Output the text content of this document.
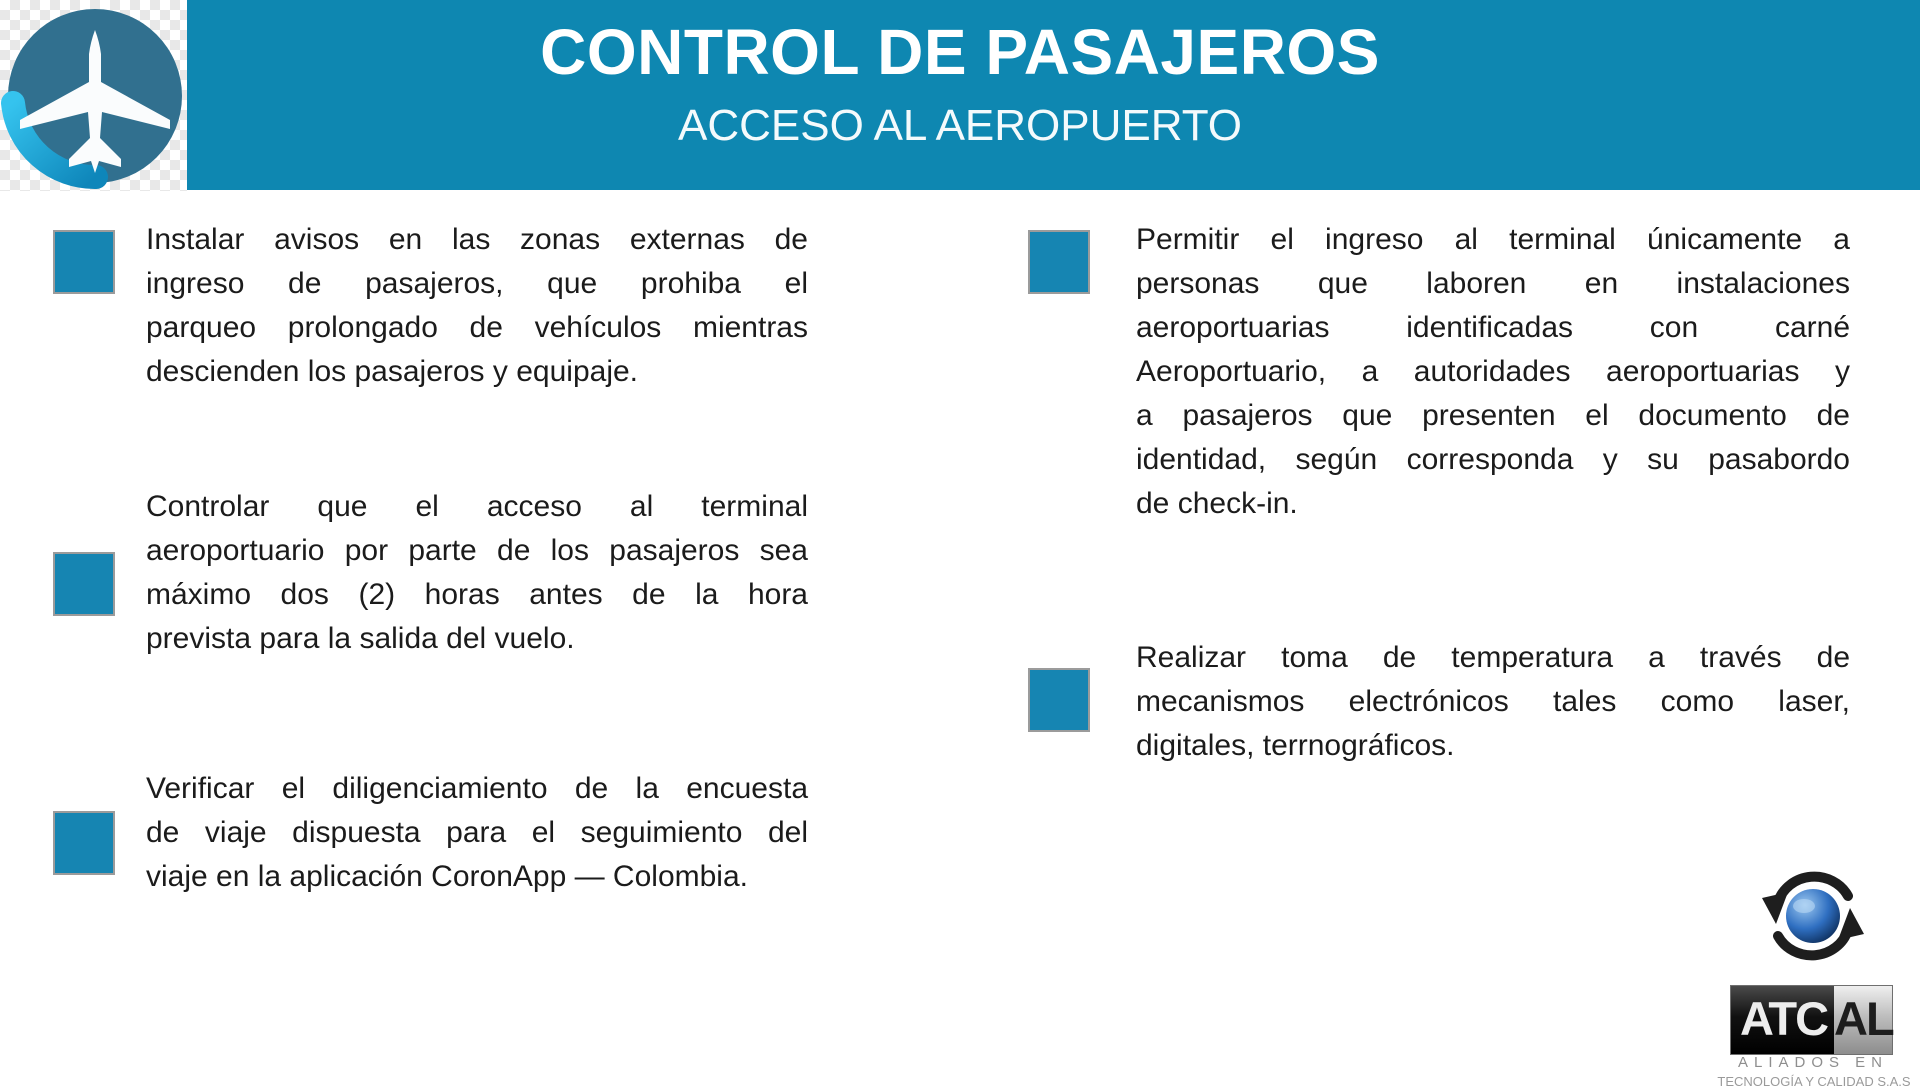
CONTROL DE PASAJEROS
ACCESO AL AEROPUERTO
Instalar avisos en las zonas externas de
ingreso de pasajeros, que prohiba el
parqueo prolongado de vehículos mientras
descienden los pasajeros y equipaje.
Controlar que el acceso al terminal
aeroportuario por parte de los pasajeros sea
máximo dos (2) horas antes de la hora
prevista para la salida del vuelo.
Verificar el diligenciamiento de la encuesta
de viaje dispuesta para el seguimiento del
viaje en la aplicación CoronApp — Colombia.
Permitir el ingreso al terminal únicamente a
personas que laboren en instalaciones
aeroportuarias identificadas con carné
Aeroportuario, a autoridades aeroportuarias y
a pasajeros que presenten el documento de
identidad, según corresponda y su pasabordo
de check-in.
Realizar toma de temperatura a través de
mecanismos electrónicos tales como laser,
digitales, terrnográficos.
ATC AL
ALIADOS EN
TECNOLOGÍA Y CALIDAD S.A.S
